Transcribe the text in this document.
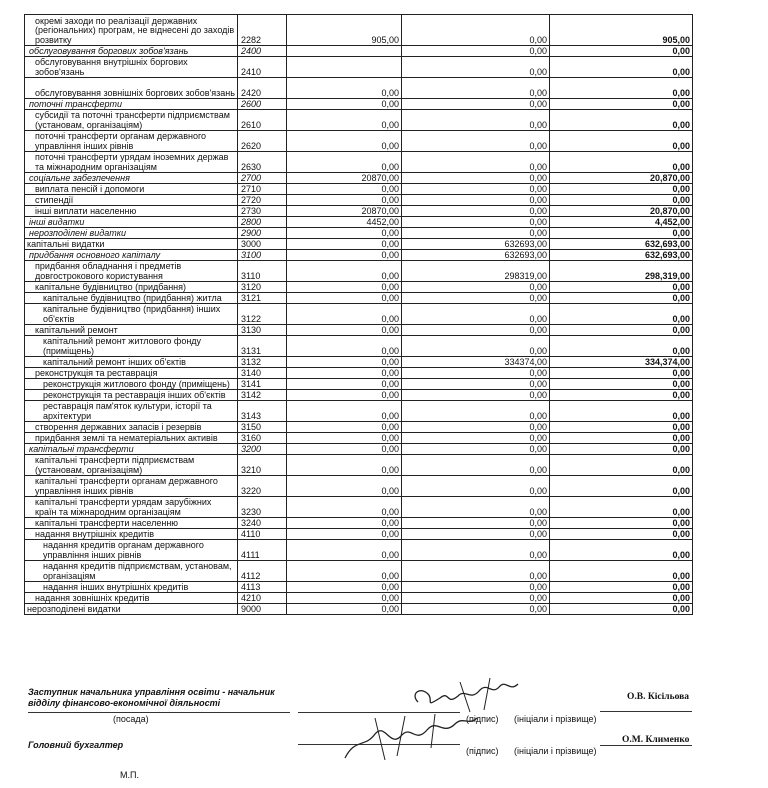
окремі заходи по реалізації державних (регіональних) програм, не віднесені до заходів розвитку	2282	905,00	0,00	905,00
обслуговування боргових зобов'язань	2400		0,00	0,00
обслуговування внутрішніх боргових зобов'язань	2410		0,00	0,00
обслуговування зовнішніх боргових зобов'язань	2420	0,00	0,00	0,00
поточні трансферти	2600	0,00	0,00	0,00
субсидії та поточні трансферти підприємствам (установам, організаціям)	2610	0,00	0,00	0,00
поточні трансферти органам державного управління інших рівнів	2620	0,00	0,00	0,00
поточні трансферти урядам іноземних держав та міжнародним організаціям	2630	0,00	0,00	0,00
соціальне забезпечення	2700	20870,00	0,00	20,870,00
виплата пенсій і допомоги	2710	0,00	0,00	0,00
стипендії	2720	0,00	0,00	0,00
інші виплати населенню	2730	20870,00	0,00	20,870,00
інші видатки	2800	4452,00	0,00	4,452,00
нерозподілені видатки	2900	0,00	0,00	0,00
капітальні видатки	3000	0,00	632693,00	632,693,00
придбання основного капіталу	3100	0,00	632693,00	632,693,00
придбання обладнання і предметів довгострокового користування	3110	0,00	298319,00	298,319,00
капітальне будівництво (придбання)	3120	0,00	0,00	0,00
капітальне будівництво (придбання) житла	3121	0,00	0,00	0,00
капітальне будівництво (придбання) інших об'єктів	3122	0,00	0,00	0,00
капітальний ремонт	3130	0,00	0,00	0,00
капітальний ремонт житлового фонду (приміщень)	3131	0,00	0,00	0,00
капітальний ремонт інших об'єктів	3132	0,00	334374,00	334,374,00
реконструкція та реставрація	3140	0,00	0,00	0,00
реконструкція житлового фонду (приміщень)	3141	0,00	0,00	0,00
реконструкція та реставрація інших об'єктів	3142	0,00	0,00	0,00
реставрація пам'яток культури, історії та архітектури	3143	0,00	0,00	0,00
створення державних запасів і резервів	3150	0,00	0,00	0,00
придбання землі та нематеріальних активів	3160	0,00	0,00	0,00
капітальні трансферти	3200	0,00	0,00	0,00
капітальні трансферти підприємствам (установам, організаціям)	3210	0,00	0,00	0,00
капітальні трансферти органам державного управління інших рівнів	3220	0,00	0,00	0,00
капітальні трансферти урядам зарубіжних країн та міжнародним організаціям	3230	0,00	0,00	0,00
капітальні трансферти населенню	3240	0,00	0,00	0,00
надання внутрішніх кредитів	4110	0,00	0,00	0,00
надання кредитів органам державного управління інших рівнів	4111	0,00	0,00	0,00
надання кредитів підприємствам, установам, організаціям	4112	0,00	0,00	0,00
надання інших внутрішніх кредитів	4113	0,00	0,00	0,00
надання зовнішніх кредитів	4210	0,00	0,00	0,00
нерозподілені видатки	9000	0,00	0,00	0,00
Заступник начальника управління освіти - начальник відділу фінансово-економічної діяльності
(посада)	(підпис) (ініціали і прізвище)
О.В. Кісільова
Головний бухгалтер
(підпис) (ініціали і прізвище)
О.М. Клименко
М.П.
